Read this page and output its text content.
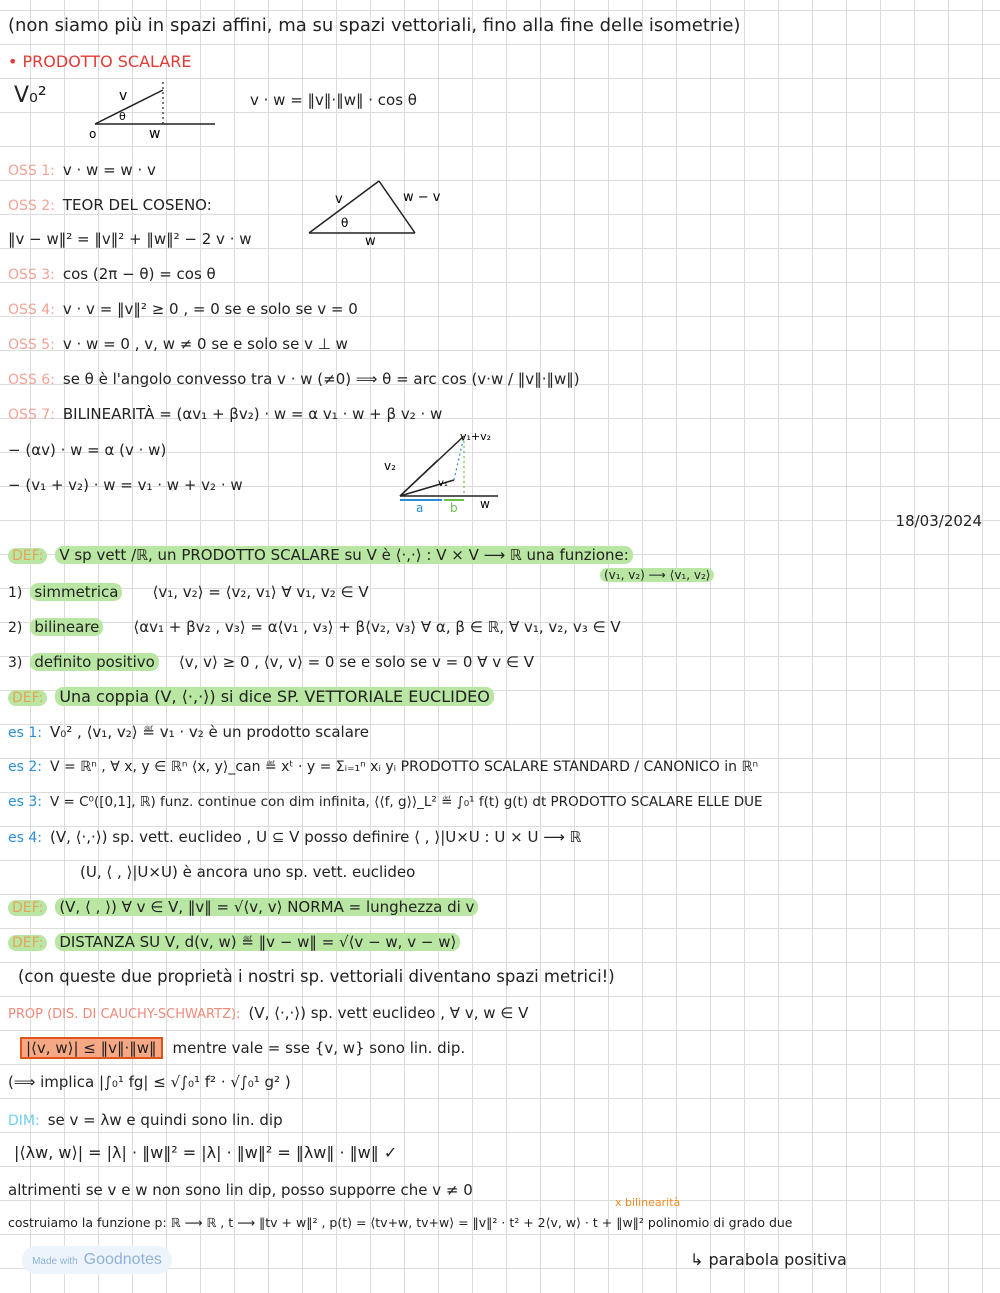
(non siamo più in spazi affini, ma su spazi vettoriali, fino alla fine delle isometrie)
• PRODOTTO SCALARE
V₀²	v · w = ‖v‖·‖w‖ · cos θ
v
θ
o	w
OSS 1: v · w = w · v
OSS 2: TEOR DEL COSENO:
‖v − w‖² = ‖v‖² + ‖w‖² − 2 v · w
v
θ
w − v
w
OSS 3: cos (2π − θ) = cos θ
OSS 4: v · v = ‖v‖² ≥ 0 , = 0 se e solo se v = 0
OSS 5: v · w = 0 , v, w ≠ 0 se e solo se v ⊥ w
OSS 6: se θ è l'angolo convesso tra v · w (≠0) ⟹ θ = arc cos (v·w / ‖v‖·‖w‖)
OSS 7: BILINEARITÀ = (αv₁ + βv₂) · w = α v₁ · w + β v₂ · w
− (αv) · w = α (v · w)
− (v₁ + v₂) · w = v₁ · w + v₂ · w
v₁+v₂
v₂
v₁
a b w
18/03/2024
DEF: V sp vett /ℝ, un PRODOTTO SCALARE su V è ⟨·,·⟩ : V × V ⟶ ℝ una funzione:
(v₁, v₂) ⟶ ⟨v₁, v₂⟩
1) simmetrica ⟨v₁, v₂⟩ = ⟨v₂, v₁⟩ ∀ v₁, v₂ ∈ V
2) bilineare ⟨αv₁ + βv₂ , v₃⟩ = α⟨v₁ , v₃⟩ + β⟨v₂, v₃⟩ ∀ α, β ∈ ℝ, ∀ v₁, v₂, v₃ ∈ V
3) definito positivo ⟨v, v⟩ ≥ 0 , ⟨v, v⟩ = 0 se e solo se v = 0 ∀ v ∈ V
DEF: Una coppia (V, ⟨·,·⟩) si dice SP. VETTORIALE EUCLIDEO
es 1: V₀² , ⟨v₁, v₂⟩ ≝ v₁ · v₂ è un prodotto scalare
es 2: V = ℝⁿ , ∀ x, y ∈ ℝⁿ ⟨x, y⟩_can ≝ xᵗ · y = Σᵢ₌₁ⁿ xᵢ yᵢ PRODOTTO SCALARE STANDARD / CANONICO in ℝⁿ
es 3: V = C⁰([0,1], ℝ) funz. continue con dim infinita, ⟨⟨f, g⟩⟩_L² ≝ ∫₀¹ f(t) g(t) dt PRODOTTO SCALARE ELLE DUE
es 4: (V, ⟨·,·⟩) sp. vett. euclideo , U ⊆ V posso definire ⟨ , ⟩|U×U : U × U ⟶ ℝ
(U, ⟨ , ⟩|U×U) è ancora uno sp. vett. euclideo
DEF: (V, ⟨ , ⟩) ∀ v ∈ V, ‖v‖ = √⟨v, v⟩ NORMA = lunghezza di v
DEF: DISTANZA SU V, d(v, w) ≝ ‖v − w‖ = √⟨v − w, v − w⟩
(con queste due proprietà i nostri sp. vettoriali diventano spazi metrici!)
PROP (DIS. DI CAUCHY-SCHWARTZ): (V, ⟨·,·⟩) sp. vett euclideo , ∀ v, w ∈ V
|⟨v, w⟩| ≤ ‖v‖·‖w‖ mentre vale = sse {v, w} sono lin. dip.
(⟹ implica |∫₀¹ fg| ≤ √∫₀¹ f² · √∫₀¹ g² )
DIM: se v = λw e quindi sono lin. dip
|⟨λw, w⟩| = |λ| · ‖w‖² = |λ| · ‖w‖² = ‖λw‖ · ‖w‖ ✓
altrimenti se v e w non sono lin dip, posso supporre che v ≠ 0
x bilinearità
costruiamo la funzione p: ℝ ⟶ ℝ , t ⟶ ‖tv + w‖² , p(t) = ⟨tv+w, tv+w⟩ = ‖v‖² · t² + 2⟨v, w⟩ · t + ‖w‖² polinomio di grado due
↳ parabola positiva
Made with Goodnotes
